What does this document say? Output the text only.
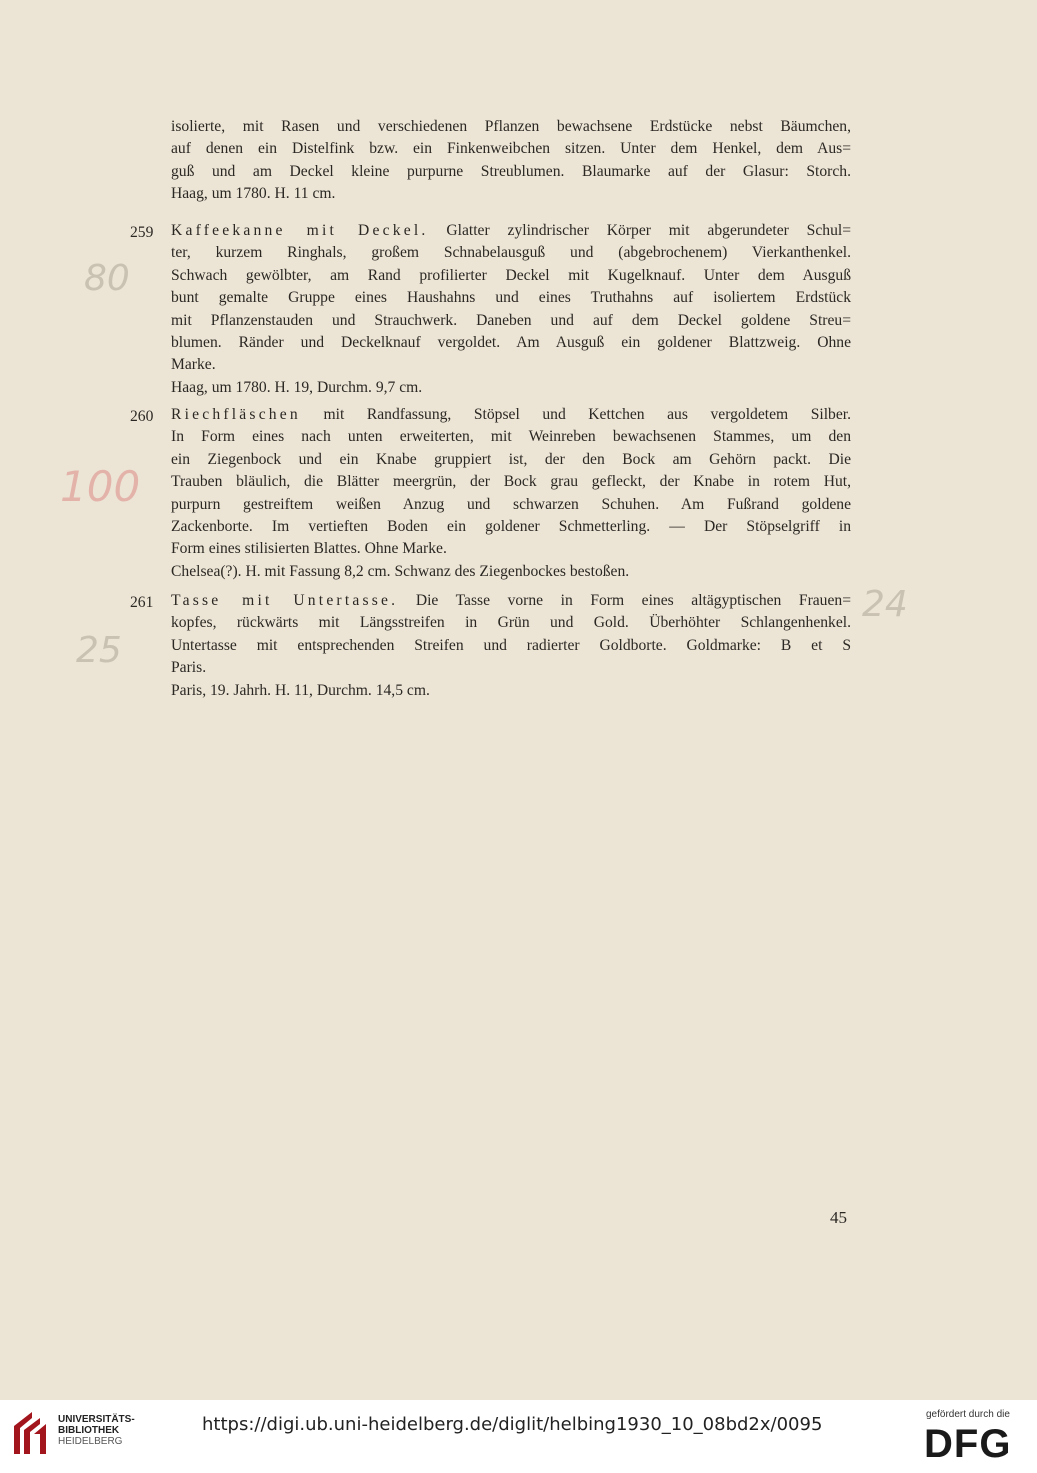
isolierte, mit Rasen und verschiedenen Pflanzen bewachsene Erdstücke nebst Bäumchen,
auf denen ein Distelfink bzw. ein Finkenweibchen sitzen. Unter dem Henkel, dem Aus=
guß und am Deckel kleine purpurne Streublumen. Blaumarke auf der Glasur: Storch.
Haag, um 1780. H. 11 cm.
259
80
Kaffeekanne mit Deckel. Glatter zylindrischer Körper mit abgerundeter Schul=
ter, kurzem Ringhals, großem Schnabelausguß und (abgebrochenem) Vierkanthenkel.
Schwach gewölbter, am Rand profilierter Deckel mit Kugelknauf. Unter dem Ausguß
bunt gemalte Gruppe eines Haushahns und eines Truthahns auf isoliertem Erdstück
mit Pflanzenstauden und Strauchwerk. Daneben und auf dem Deckel goldene Streu=
blumen. Ränder und Deckelknauf vergoldet. Am Ausguß ein goldener Blattzweig. Ohne
Marke.
Haag, um 1780. H. 19, Durchm. 9,7 cm.
260
100
Riechfläschen mit Randfassung, Stöpsel und Kettchen aus vergoldetem Silber.
In Form eines nach unten erweiterten, mit Weinreben bewachsenen Stammes, um den
ein Ziegenbock und ein Knabe gruppiert ist, der den Bock am Gehörn packt. Die
Trauben bläulich, die Blätter meergrün, der Bock grau gefleckt, der Knabe in rotem Hut,
purpurn gestreiftem weißen Anzug und schwarzen Schuhen. Am Fußrand goldene
Zackenborte. Im vertieften Boden ein goldener Schmetterling. — Der Stöpselgriff in
Form eines stilisierten Blattes. Ohne Marke.
Chelsea(?). H. mit Fassung 8,2 cm. Schwanz des Ziegenbockes bestoßen.
261
25
24
Tasse mit Untertasse. Die Tasse vorne in Form eines altägyptischen Frauen=
kopfes, rückwärts mit Längsstreifen in Grün und Gold. Überhöhter Schlangenhenkel.
Untertasse mit entsprechenden Streifen und radierter Goldborte. Goldmarke: B et S
Paris.
Paris, 19. Jahrh. H. 11, Durchm. 14,5 cm.
45
UNIVERSITÄTS-
BIBLIOTHEK
HEIDELBERG
https://digi.ub.uni-heidelberg.de/diglit/helbing1930_10_08bd2x/0095	gefördert durch die
DFG
